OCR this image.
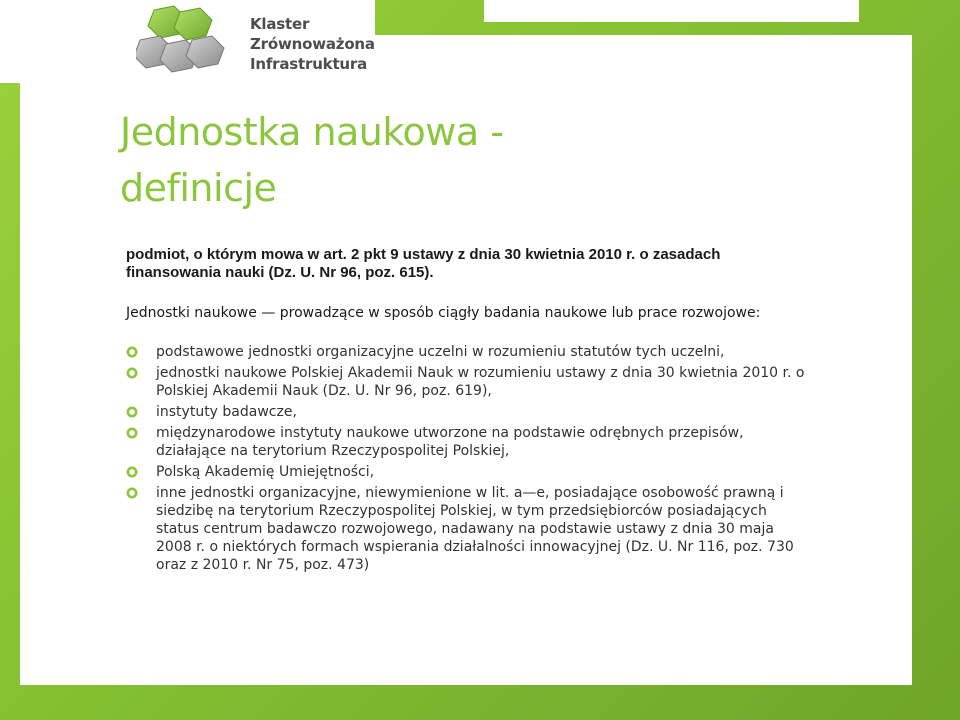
Klaster
Zrównoważona
Infrastruktura
Jednostka naukowa -
definicje

podmiot, o którym mowa w art. 2 pkt 9 ustawy z dnia 30 kwietnia 2010 r. o zasadach finansowania nauki (Dz. U. Nr 96, poz. 615).

Jednostki naukowe — prowadzące w sposób ciągły badania naukowe lub prace rozwojowe:

podstawowe jednostki organizacyjne uczelni w rozumieniu statutów tych uczelni,
jednostki naukowe Polskiej Akademii Nauk w rozumieniu ustawy z dnia 30 kwietnia 2010 r. o Polskiej Akademii Nauk (Dz. U. Nr 96, poz. 619),
instytuty badawcze,
międzynarodowe instytuty naukowe utworzone na podstawie odrębnych przepisów, działające na terytorium Rzeczypospolitej Polskiej,
Polską Akademię Umiejętności,
inne jednostki organizacyjne, niewymienione w lit. a—e, posiadające osobowość prawną i siedzibę na terytorium Rzeczypospolitej Polskiej, w tym przedsiębiorców posiadających status centrum badawczo rozwojowego, nadawany na podstawie ustawy z dnia 30 maja 2008 r. o niektórych formach wspierania działalności innowacyjnej (Dz. U. Nr 116, poz. 730 oraz z 2010 r. Nr 75, poz. 473)
